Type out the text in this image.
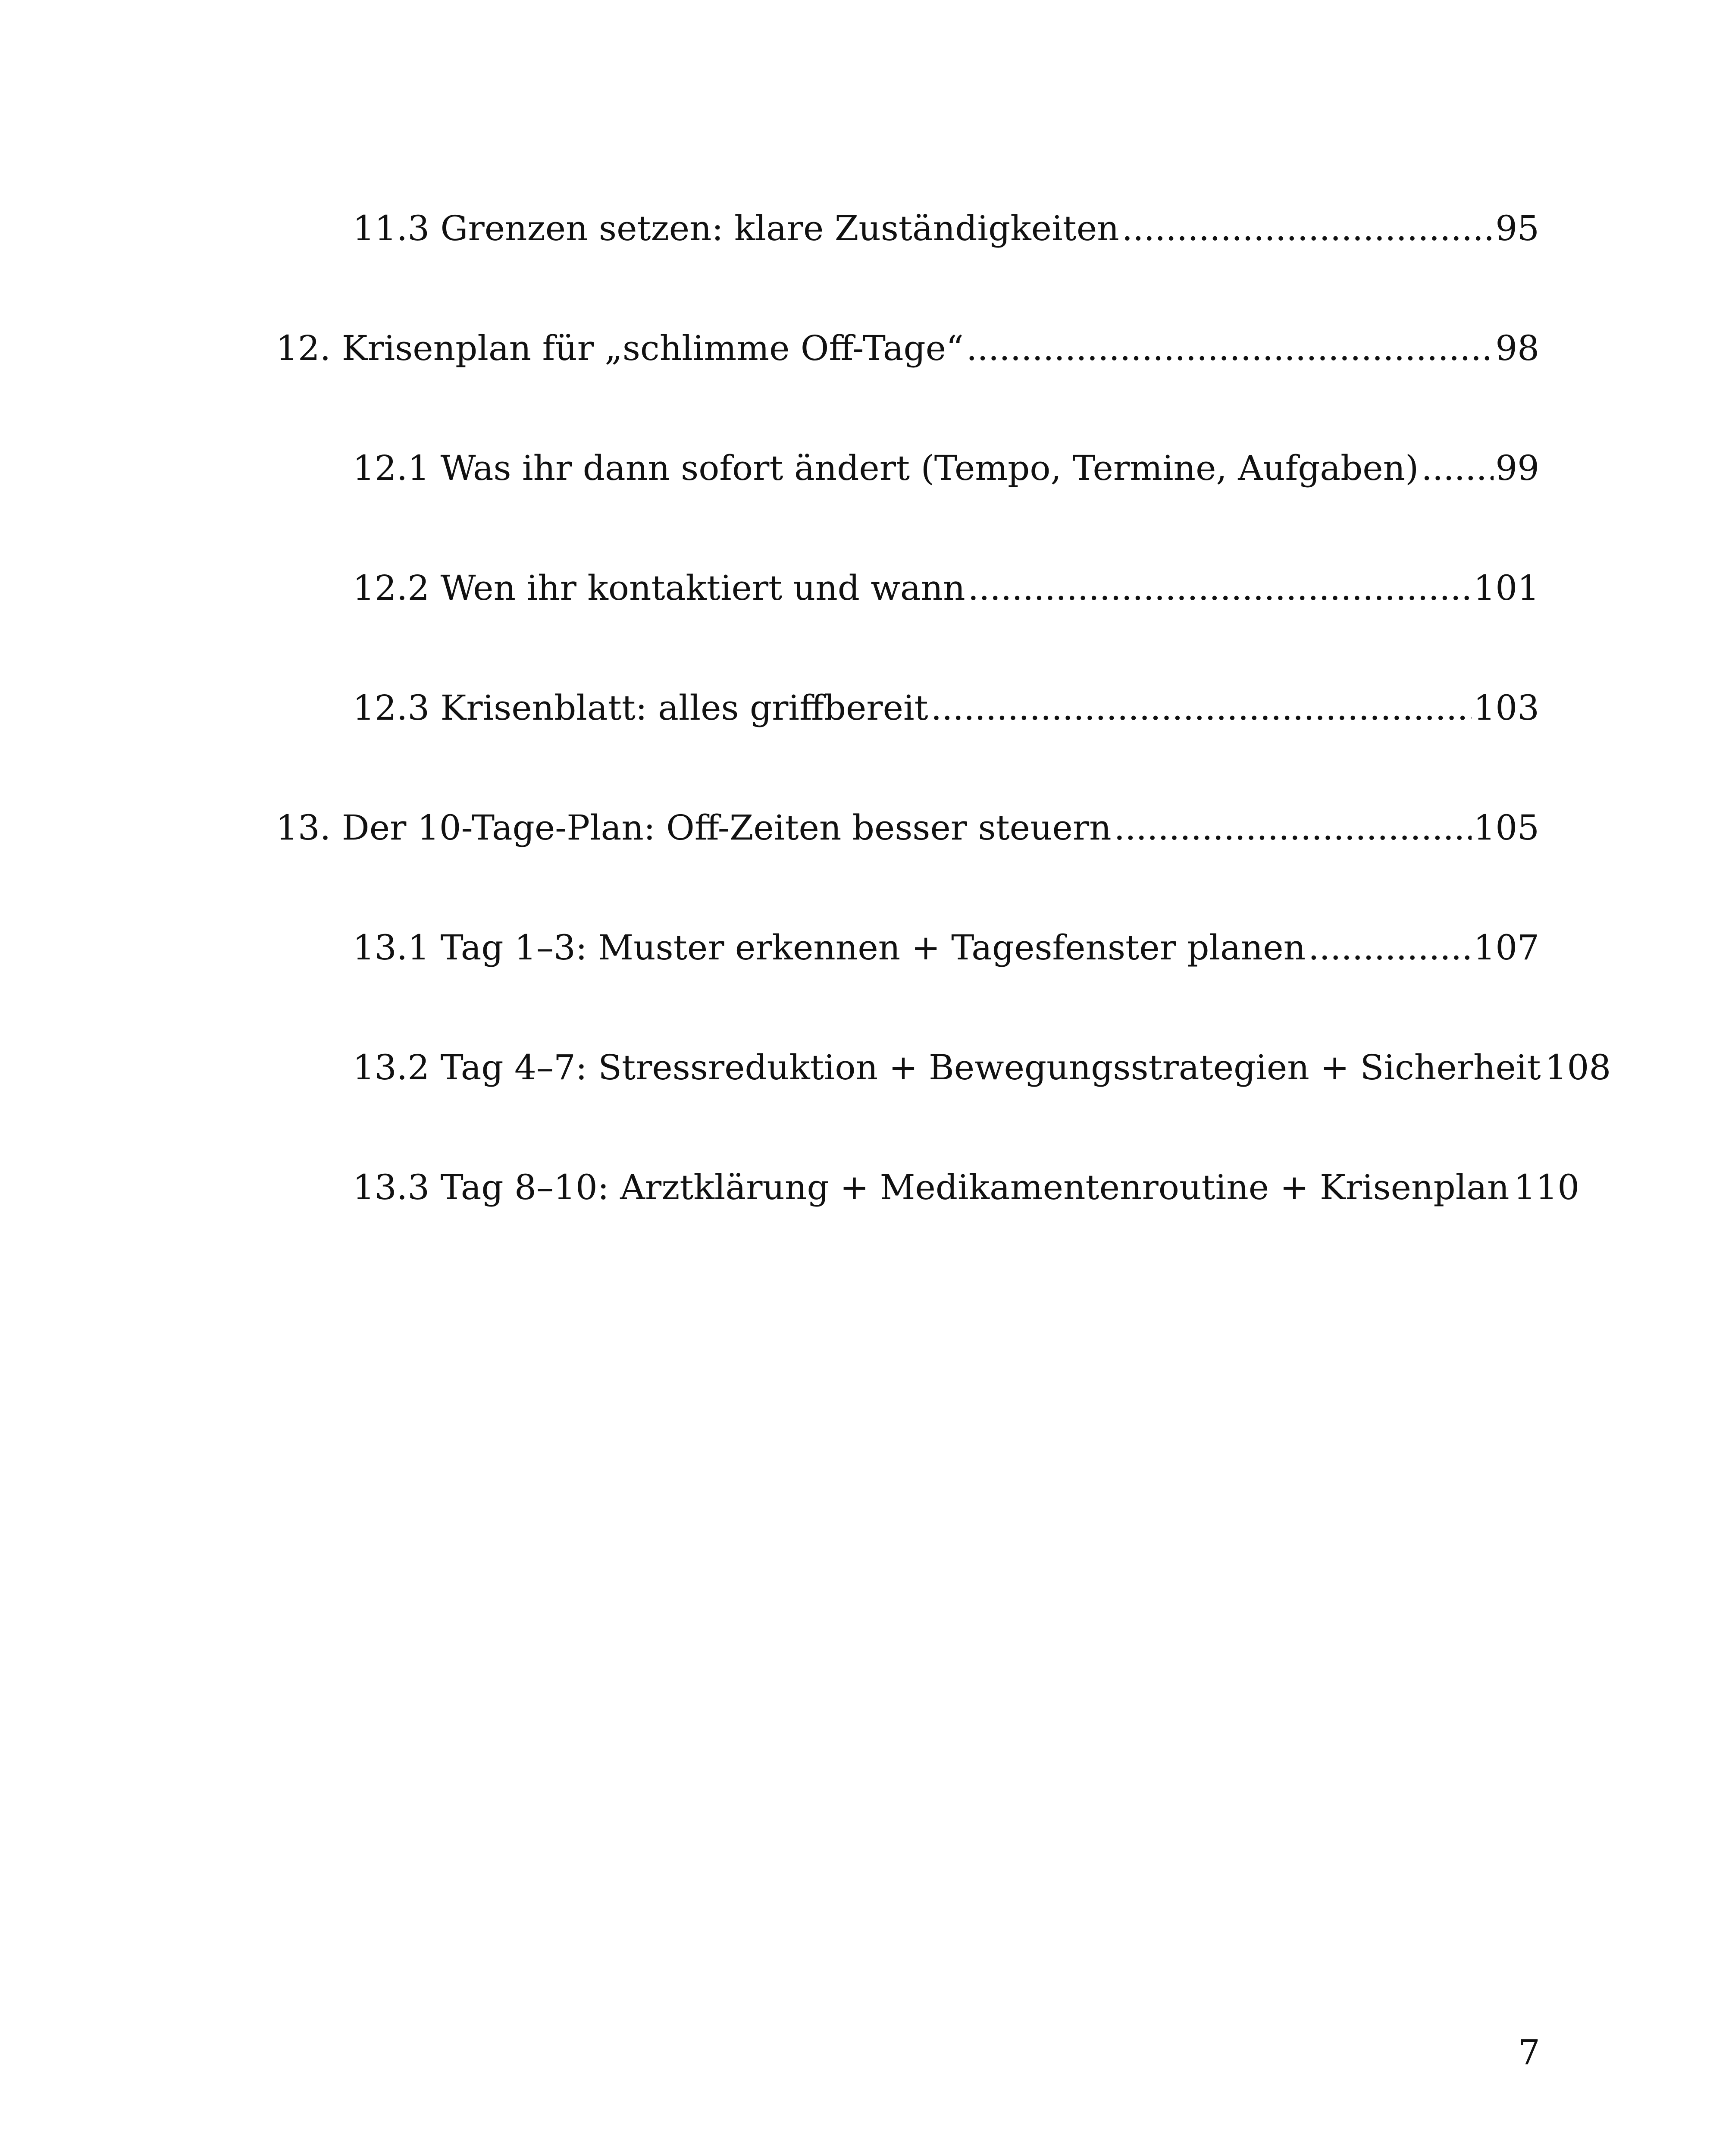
11.3 Grenzen setzen: klare Zuständigkeiten .....	95
12. Krisenplan für „schlimme Off-Tage“ .....	98
12.1 Was ihr dann sofort ändert (Tempo, Termine, Aufgaben) ..... 99
12.2 Wen ihr kontaktiert und wann .....	101
12.3 Krisenblatt: alles griffbereit .....	103
13. Der 10-Tage-Plan: Off-Zeiten besser steuern .....	105
13.1 Tag 1–3: Muster erkennen + Tagesfenster planen .....	107
13.2 Tag 4–7: Stressreduktion + Bewegungsstrategien + Sicherheit 108
13.3 Tag 8–10: Arztklärung + Medikamentenroutine + Krisenplan 110
7
